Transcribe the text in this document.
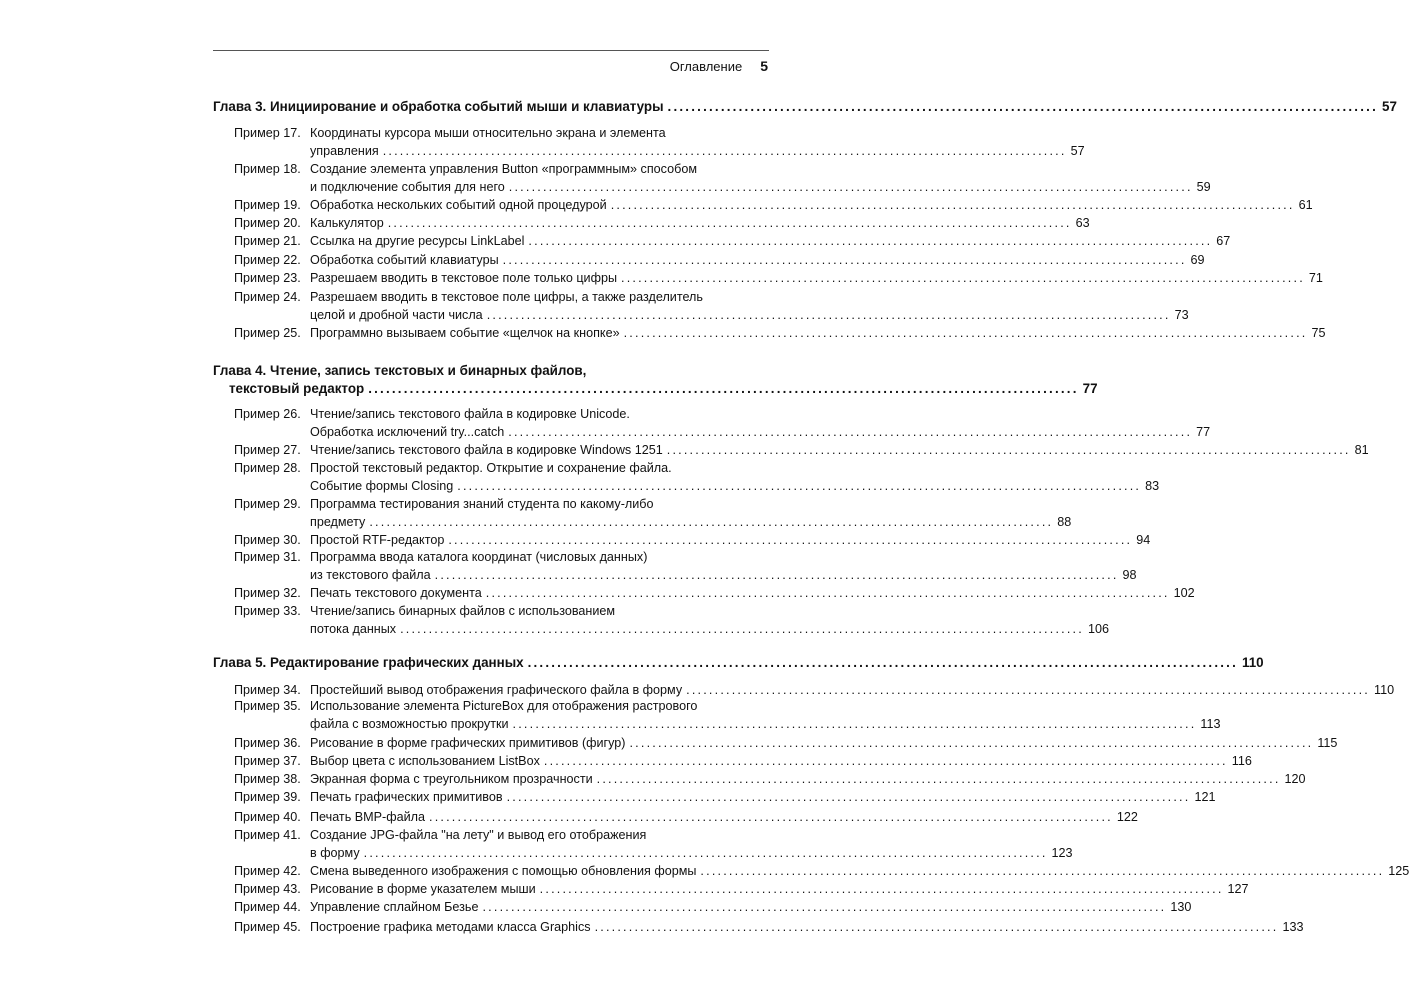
Оглавление 5
Глава 3. Инициирование и обработка событий мыши и клавиатуры ........................................................................................................................ 57
Пример 17. Координаты курсора мыши относительно экрана и элемента
управления ........................................................................................................................ 57
Пример 18. Создание элемента управления Button «программным» способом
и подключение события для него ........................................................................................................................ 59
Пример 19. Обработка нескольких событий одной процедурой ........................................................................................................................ 61
Пример 20. Калькулятор ........................................................................................................................ 63
Пример 21. Ссылка на другие ресурсы LinkLabel ........................................................................................................................ 67
Пример 22. Обработка событий клавиатуры ........................................................................................................................ 69
Пример 23. Разрешаем вводить в текстовое поле только цифры ........................................................................................................................ 71
Пример 24. Разрешаем вводить в текстовое поле цифры, а также разделитель
целой и дробной части числа ........................................................................................................................ 73
Пример 25. Программно вызываем событие «щелчок на кнопке» ........................................................................................................................ 75
Глава 4. Чтение, запись текстовых и бинарных файлов,
текстовый редактор ........................................................................................................................ 77
Пример 26. Чтение/запись текстового файла в кодировке Unicode.
Обработка исключений try...catch ........................................................................................................................ 77
Пример 27. Чтение/запись текстового файла в кодировке Windows 1251 ........................................................................................................................ 81
Пример 28. Простой текстовый редактор. Открытие и сохранение файла.
Событие формы Closing ........................................................................................................................ 83
Пример 29. Программа тестирования знаний студента по какому-либо
предмету ........................................................................................................................ 88
Пример 30. Простой RTF-редактор ........................................................................................................................ 94
Пример 31. Программа ввода каталога координат (числовых данных)
из текстового файла ........................................................................................................................ 98
Пример 32. Печать текстового документа ........................................................................................................................ 102
Пример 33. Чтение/запись бинарных файлов с использованием
потока данных ........................................................................................................................ 106
Глава 5. Редактирование графических данных ........................................................................................................................ 110
Пример 34. Простейший вывод отображения графического файла в форму ........................................................................................................................ 110
Пример 35. Использование элемента PictureBox для отображения растрового
файла с возможностью прокрутки ........................................................................................................................ 113
Пример 36. Рисование в форме графических примитивов (фигур) ........................................................................................................................ 115
Пример 37. Выбор цвета с использованием ListBox ........................................................................................................................ 116
Пример 38. Экранная форма с треугольником прозрачности ........................................................................................................................ 120
Пример 39. Печать графических примитивов ........................................................................................................................ 121
Пример 40. Печать BMP-файла ........................................................................................................................ 122
Пример 41. Создание JPG-файла "на лету" и вывод его отображения
в форму ........................................................................................................................ 123
Пример 42. Смена выведенного изображения с помощью обновления формы ........................................................................................................................ 125
Пример 43. Рисование в форме указателем мыши ........................................................................................................................ 127
Пример 44. Управление сплайном Безье ........................................................................................................................ 130
Пример 45. Построение графика методами класса Graphics ........................................................................................................................ 133
